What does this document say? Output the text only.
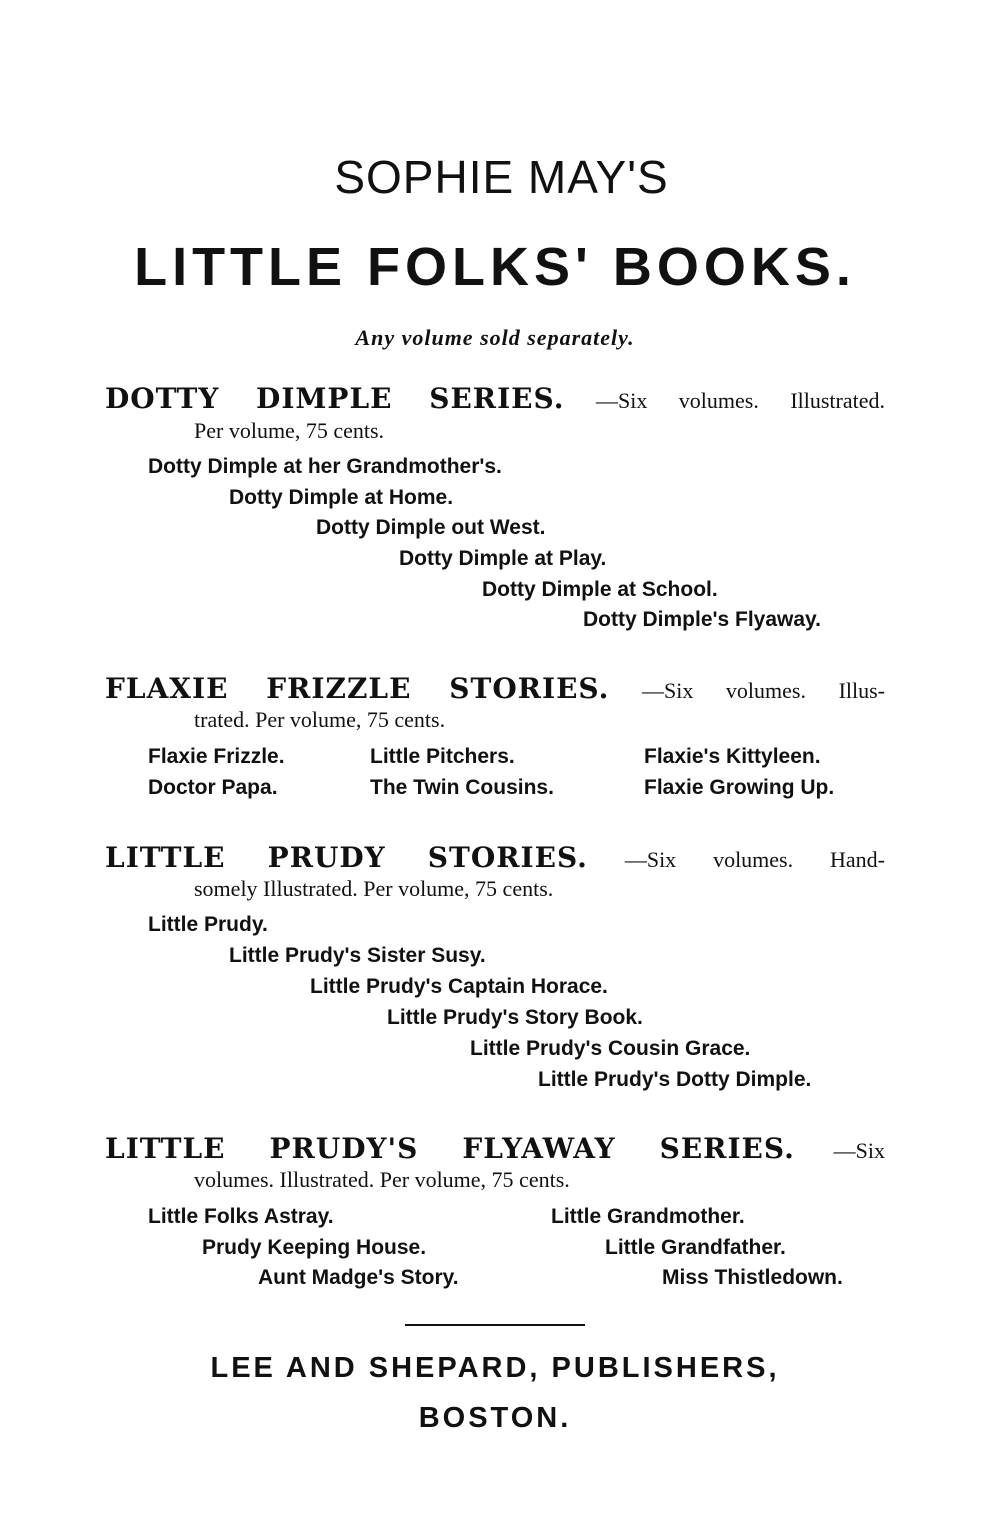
SOPHIE MAY'S
LITTLE FOLKS' BOOKS.
Any volume sold separately.
DOTTY DIMPLE SERIES. —Six volumes. Illustrated.
Per volume, 75 cents.
Dotty Dimple at her Grandmother's.
Dotty Dimple at Home.
Dotty Dimple out West.
Dotty Dimple at Play.
Dotty Dimple at School.
Dotty Dimple's Flyaway.
FLAXIE FRIZZLE STORIES. —Six volumes. Illus-
trated. Per volume, 75 cents.
Flaxie Frizzle.	Little Pitchers.	Flaxie's Kittyleen.
Doctor Papa.	The Twin Cousins.	Flaxie Growing Up.
LITTLE PRUDY STORIES. —Six volumes. Hand-
somely Illustrated. Per volume, 75 cents.
Little Prudy.
Little Prudy's Sister Susy.
Little Prudy's Captain Horace.
Little Prudy's Story Book.
Little Prudy's Cousin Grace.
Little Prudy's Dotty Dimple.
LITTLE PRUDY'S FLYAWAY SERIES. —Six
volumes. Illustrated. Per volume, 75 cents.
Little Folks Astray.	Little Grandmother.
Prudy Keeping House.	Little Grandfather.
Aunt Madge's Story.	Miss Thistledown.
LEE AND SHEPARD, PUBLISHERS,
BOSTON.
